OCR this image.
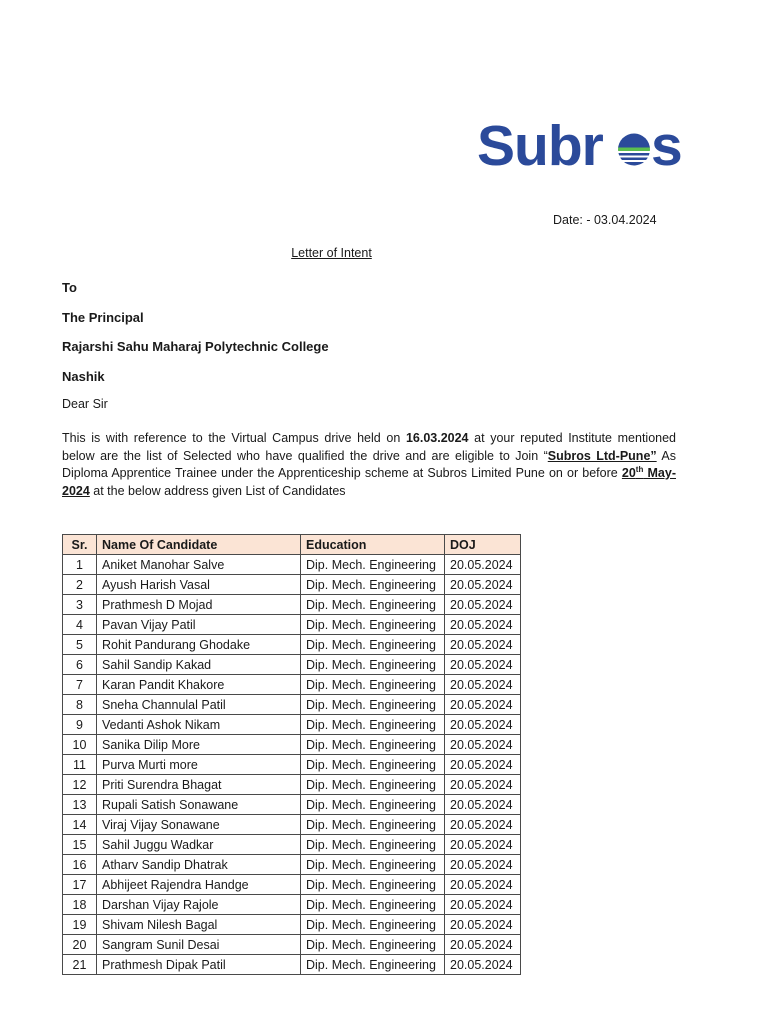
Subr s
Date: - 03.04.2024
Letter of Intent
To
The Principal
Rajarshi Sahu Maharaj Polytechnic College
Nashik
Dear Sir
This is with reference to the Virtual Campus drive held on 16.03.2024 at your reputed Institute mentioned below are the list of Selected who have qualified the drive and are eligible to Join “Subros Ltd-Pune” As Diploma Apprentice Trainee under the Apprenticeship scheme at Subros Limited Pune on or before 20th May-2024 at the below address given List of Candidates
Sr.	Name Of Candidate	Education	DOJ
1	Aniket Manohar Salve	Dip. Mech. Engineering	20.05.2024
2	Ayush Harish Vasal	Dip. Mech. Engineering	20.05.2024
3	Prathmesh D Mojad	Dip. Mech. Engineering	20.05.2024
4	Pavan Vijay Patil	Dip. Mech. Engineering	20.05.2024
5	Rohit Pandurang Ghodake	Dip. Mech. Engineering	20.05.2024
6	Sahil Sandip Kakad	Dip. Mech. Engineering	20.05.2024
7	Karan Pandit Khakore	Dip. Mech. Engineering	20.05.2024
8	Sneha Channulal Patil	Dip. Mech. Engineering	20.05.2024
9	Vedanti Ashok Nikam	Dip. Mech. Engineering	20.05.2024
10	Sanika Dilip More	Dip. Mech. Engineering	20.05.2024
11	Purva Murti more	Dip. Mech. Engineering	20.05.2024
12	Priti Surendra Bhagat	Dip. Mech. Engineering	20.05.2024
13	Rupali Satish Sonawane	Dip. Mech. Engineering	20.05.2024
14	Viraj Vijay Sonawane	Dip. Mech. Engineering	20.05.2024
15	Sahil Juggu Wadkar	Dip. Mech. Engineering	20.05.2024
16	Atharv Sandip Dhatrak	Dip. Mech. Engineering	20.05.2024
17	Abhijeet Rajendra Handge	Dip. Mech. Engineering	20.05.2024
18	Darshan Vijay Rajole	Dip. Mech. Engineering	20.05.2024
19	Shivam Nilesh Bagal	Dip. Mech. Engineering	20.05.2024
20	Sangram Sunil Desai	Dip. Mech. Engineering	20.05.2024
21	Prathmesh Dipak Patil	Dip. Mech. Engineering	20.05.2024
